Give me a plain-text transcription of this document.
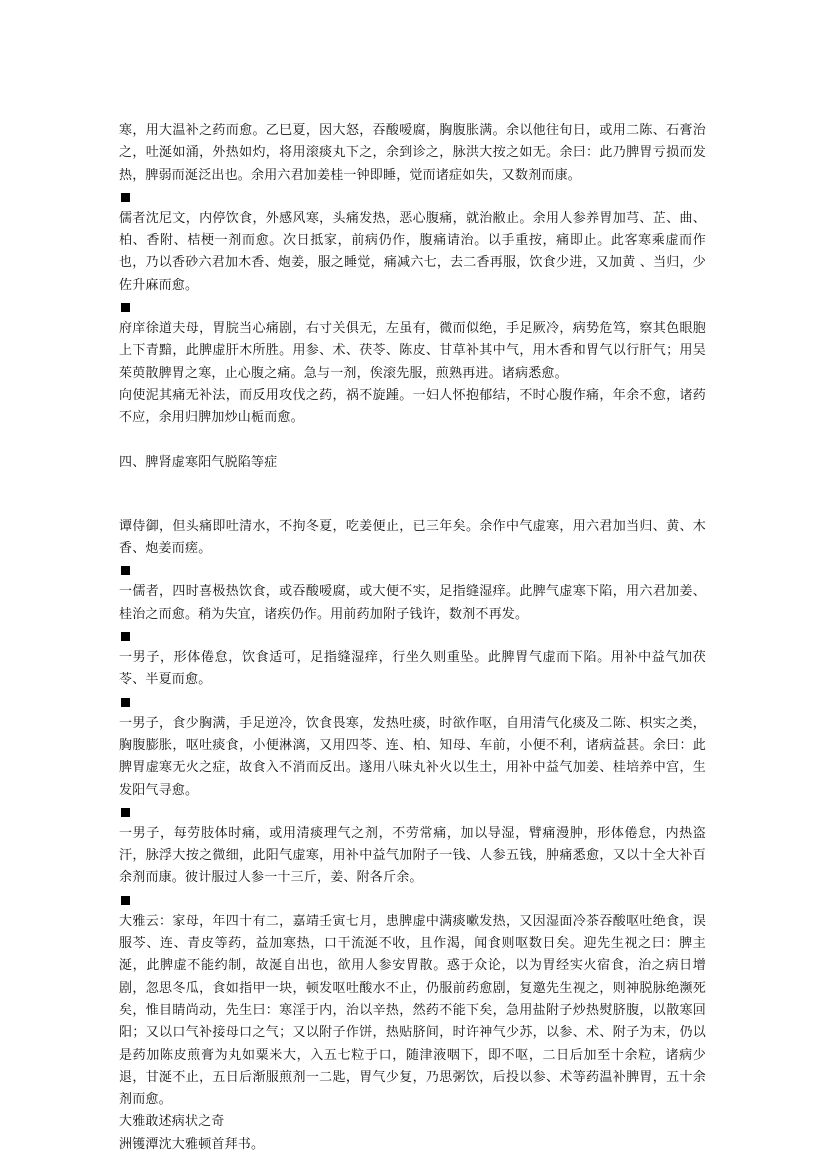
寒，用大温补之药而愈。乙巳夏，因大怒，吞酸嗳腐，胸腹胀满。余以他往旬日，或用二陈、石膏治之，吐涎如涌，外热如灼，将用滚痰丸下之，余到诊之，脉洪大按之如无。余曰：此乃脾胃亏损而发热，脾弱而涎泛出也。余用六君加姜桂一钟即睡，觉而诸症如失，又数剂而康。

儒者沈尼文，内停饮食，外感风寒，头痛发热，恶心腹痛，就治敝止。余用人参养胃加芎、芷、曲、柏、香附、桔梗一剂而愈。次日抵家，前病仍作，腹痛请治。以手重按，痛即止。此客寒乘虚而作也，乃以香砂六君加木香、炮姜，服之睡觉，痛减六七，去二香再服，饮食少进，又加黄 、当归，少佐升麻而愈。

府庠徐道夫母，胃脘当心痛剧，右寸关俱无，左虽有，微而似绝，手足厥冷，病势危笃，察其色眼胞上下青黯，此脾虚肝木所胜。用参、术、茯苓、陈皮、甘草补其中气，用木香和胃气以行肝气；用吴茱萸散脾胃之寒，止心腹之痛。急与一剂，俟滚先服，煎熟再进。诸病悉愈。

向使泥其痛无补法，而反用攻伐之药，祸不旋踵。一妇人怀抱郁结，不时心腹作痛，年余不愈，诸药不应，余用归脾加炒山栀而愈。

四、脾肾虚寒阳气脱陷等症

谭侍御，但头痛即吐清水，不拘冬夏，吃姜便止，已三年矣。余作中气虚寒，用六君加当归、黄、木香、炮姜而瘥。

一儒者，四时喜极热饮食，或吞酸嗳腐，或大便不实，足指缝湿痒。此脾气虚寒下陷，用六君加姜、桂治之而愈。稍为失宜，诸疾仍作。用前药加附子钱许，数剂不再发。

一男子，形体倦怠，饮食适可，足指缝湿痒，行坐久则重坠。此脾胃气虚而下陷。用补中益气加茯苓、半夏而愈。

一男子，食少胸满，手足逆冷，饮食畏寒，发热吐痰，时欲作呕，自用清气化痰及二陈、枳实之类，胸腹膨胀，呕吐痰食，小便淋漓，又用四苓、连、柏、知母、车前，小便不利，诸病益甚。余曰：此脾胃虚寒无火之症，故食入不消而反出。遂用八味丸补火以生土，用补中益气加姜、桂培养中宫，生发阳气寻愈。

一男子，每劳肢体时痛，或用清痰理气之剂，不劳常痛，加以导湿，臂痛漫肿，形体倦怠，内热盗汗，脉浮大按之微细，此阳气虚寒，用补中益气加附子一钱、人参五钱，肿痛悉愈，又以十全大补百余剂而康。彼计服过人参一十三斤，姜、附各斤余。

大雅云：家母，年四十有二，嘉靖壬寅七月，患脾虚中满痰嗽发热，又因湿面冷茶吞酸呕吐绝食，误服芩、连、青皮等药，益加寒热，口干流涎不收，且作渴，闻食则呕数日矣。迎先生视之曰：脾主涎，此脾虚不能约制，故涎自出也，欲用人参安胃散。惑于众论，以为胃经实火宿食，治之病日增剧，忽思冬瓜，食如指甲一块，顿发呕吐酸水不止，仍服前药愈剧，复邀先生视之，则神脱脉绝濒死矣，惟目睛尚动，先生曰：寒淫于内，治以辛热，然药不能下矣，急用盐附子炒热熨脐腹，以散寒回阳；又以口气补接母口之气；又以附子作饼，热贴脐间，时许神气少苏，以参、术、附子为末，仍以是药加陈皮煎膏为丸如粟米大，入五七粒于口，随津液咽下，即不呕，二日后加至十余粒，诸病少退，甘涎不止，五日后渐服煎剂一二匙，胃气少复，乃思粥饮，后投以参、术等药温补脾胃，五十余剂而愈。

大雅敢述病状之奇

洲镬潭沈大雅顿首拜书。
